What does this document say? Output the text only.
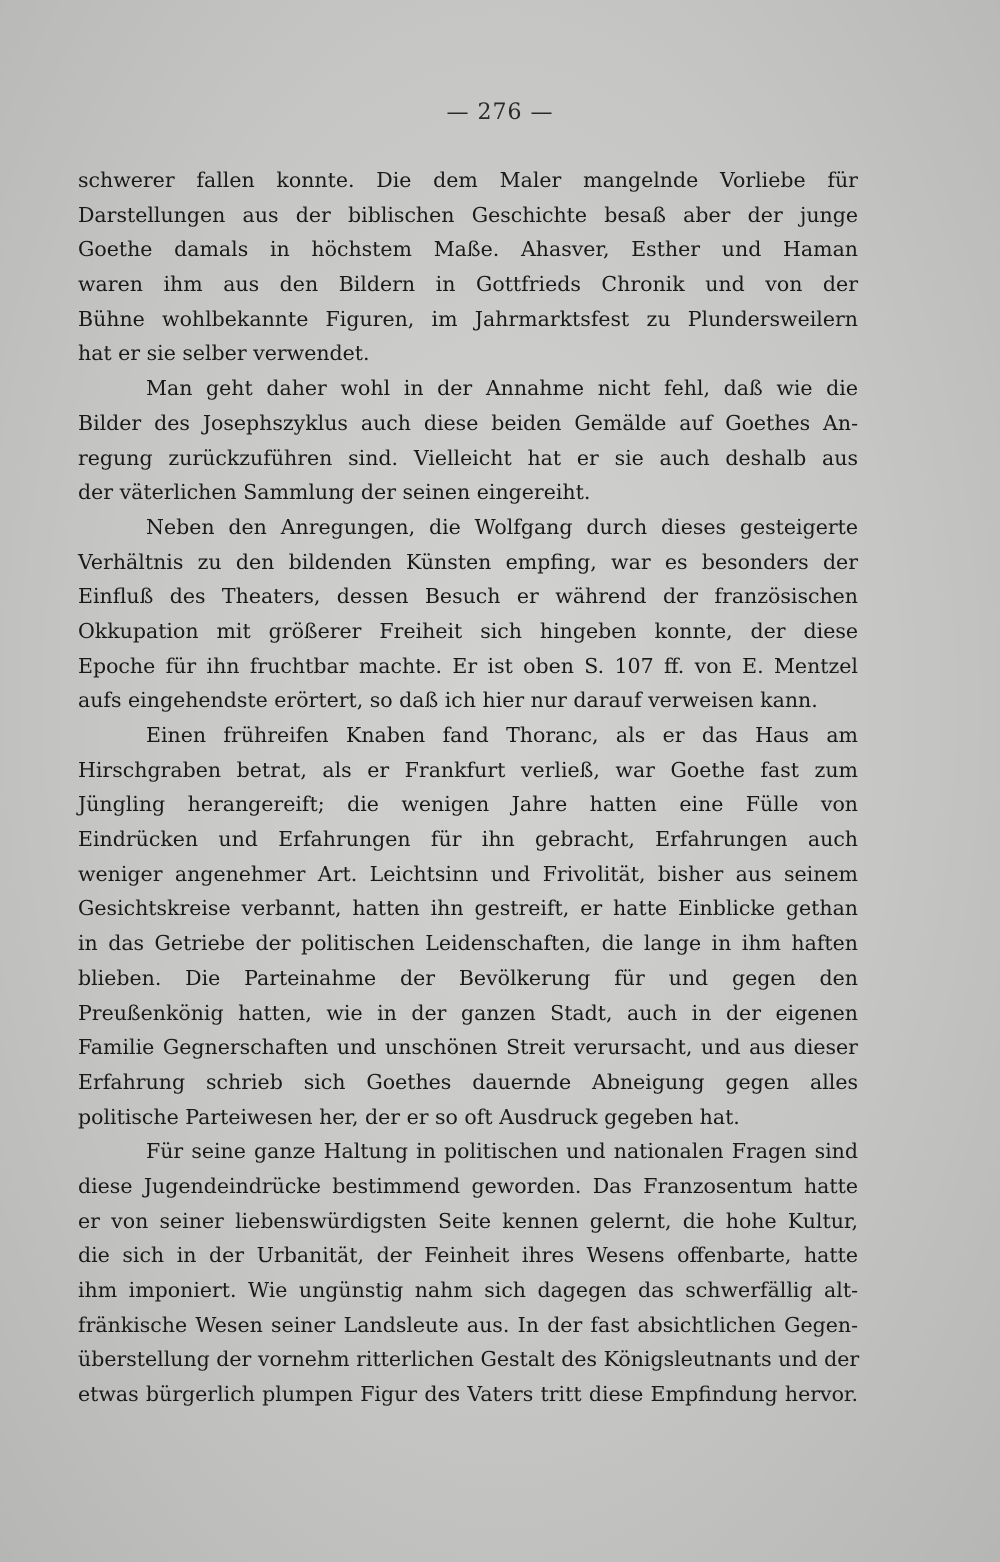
— 276 —
schwerer fallen konnte. Die dem Maler mangelnde Vorliebe für
Darstellungen aus der biblischen Geschichte besaß aber der junge
Goethe damals in höchstem Maße. Ahasver, Esther und Haman
waren ihm aus den Bildern in Gottfrieds Chronik und von der
Bühne wohlbekannte Figuren, im Jahrmarktsfest zu Plundersweilern
hat er sie selber verwendet.
Man geht daher wohl in der Annahme nicht fehl, daß wie die
Bilder des Josephszyklus auch diese beiden Gemälde auf Goethes An-
regung zurückzuführen sind. Vielleicht hat er sie auch deshalb aus
der väterlichen Sammlung der seinen eingereiht.
Neben den Anregungen, die Wolfgang durch dieses gesteigerte
Verhältnis zu den bildenden Künsten empfing, war es besonders der
Einfluß des Theaters, dessen Besuch er während der französischen
Okkupation mit größerer Freiheit sich hingeben konnte, der diese
Epoche für ihn fruchtbar machte. Er ist oben S. 107 ff. von E. Mentzel
aufs eingehendste erörtert, so daß ich hier nur darauf verweisen kann.
Einen frühreifen Knaben fand Thoranc, als er das Haus am
Hirschgraben betrat, als er Frankfurt verließ, war Goethe fast zum
Jüngling herangereift; die wenigen Jahre hatten eine Fülle von
Eindrücken und Erfahrungen für ihn gebracht, Erfahrungen auch
weniger angenehmer Art. Leichtsinn und Frivolität, bisher aus seinem
Gesichtskreise verbannt, hatten ihn gestreift, er hatte Einblicke gethan
in das Getriebe der politischen Leidenschaften, die lange in ihm haften
blieben. Die Parteinahme der Bevölkerung für und gegen den
Preußenkönig hatten, wie in der ganzen Stadt, auch in der eigenen
Familie Gegnerschaften und unschönen Streit verursacht, und aus dieser
Erfahrung schrieb sich Goethes dauernde Abneigung gegen alles
politische Parteiwesen her, der er so oft Ausdruck gegeben hat.
Für seine ganze Haltung in politischen und nationalen Fragen sind
diese Jugendeindrücke bestimmend geworden. Das Franzosentum hatte
er von seiner liebenswürdigsten Seite kennen gelernt, die hohe Kultur,
die sich in der Urbanität, der Feinheit ihres Wesens offenbarte, hatte
ihm imponiert. Wie ungünstig nahm sich dagegen das schwerfällig alt-
fränkische Wesen seiner Landsleute aus. In der fast absichtlichen Gegen-
überstellung der vornehm ritterlichen Gestalt des Königsleutnants und der
etwas bürgerlich plumpen Figur des Vaters tritt diese Empfindung hervor.
